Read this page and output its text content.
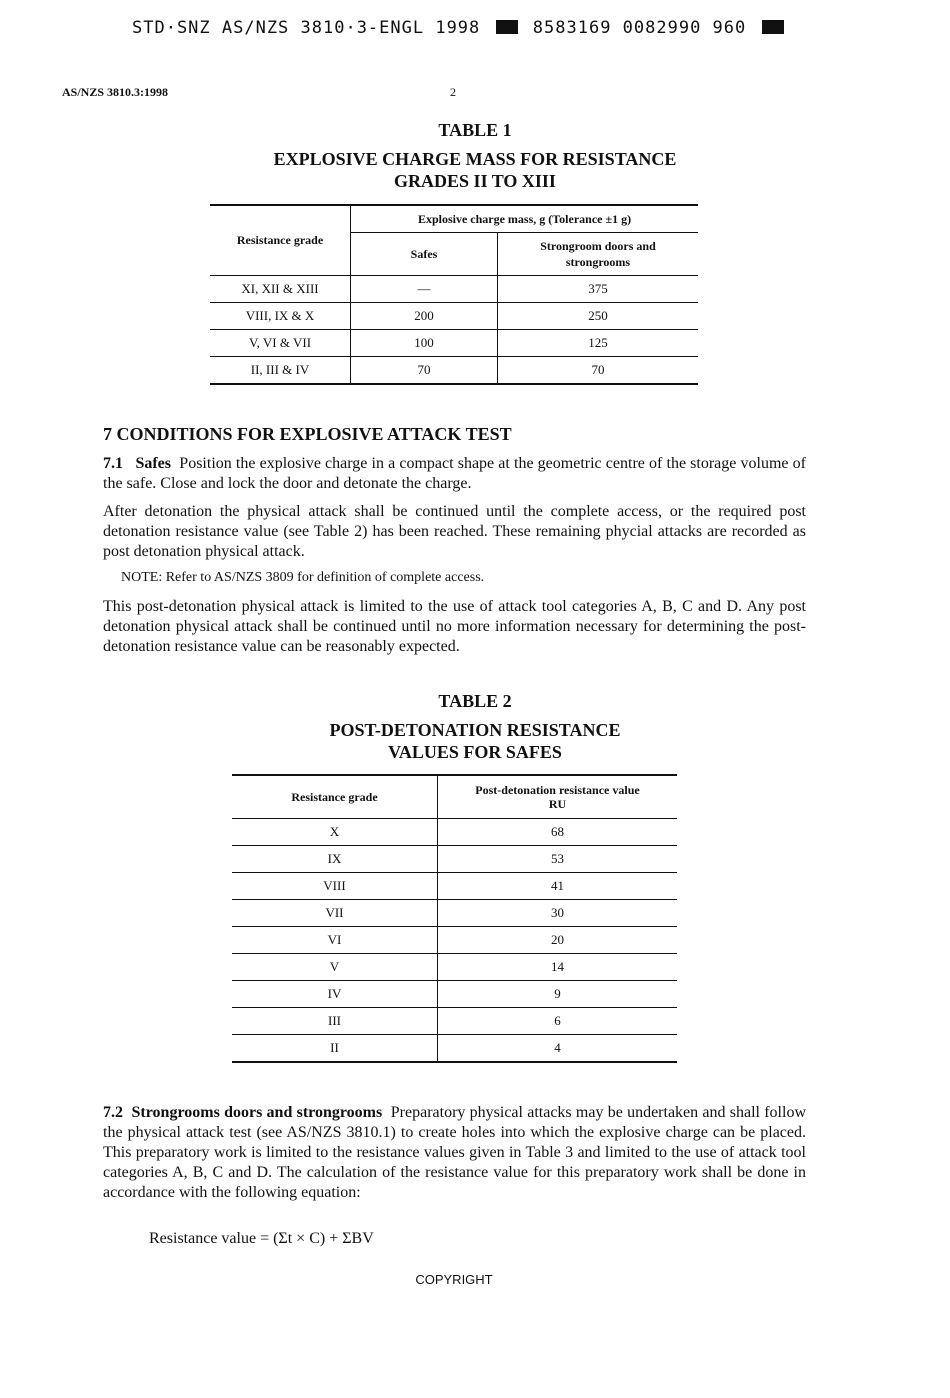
STD·SNZ AS/NZS 3810·3-ENGL 1998	8583169 0082990 960
AS/NZS 3810.3:1998	2
TABLE 1
EXPLOSIVE CHARGE MASS FOR RESISTANCE
GRADES II TO XIII
Resistance grade	Explosive charge mass, g (Tolerance ±1 g)	
	Safes	Strongroom doors and strongrooms
XI, XII & XIII	—	375
VIII, IX & X	200	250
V, VI & VII	100	125
II, III & IV	70	70
7 CONDITIONS FOR EXPLOSIVE ATTACK TEST
7.1 Safes Position the explosive charge in a compact shape at the geometric centre of the storage volume of the safe. Close and lock the door and detonate the charge.
After detonation the physical attack shall be continued until the complete access, or the required post detonation resistance value (see Table 2) has been reached. These remaining phycial attacks are recorded as post detonation physical attack.
NOTE: Refer to AS/NZS 3809 for definition of complete access.
This post-detonation physical attack is limited to the use of attack tool categories A, B, C and D. Any post detonation physical attack shall be continued until no more information necessary for determining the post-detonation resistance value can be reasonably expected.
TABLE 2
POST-DETONATION RESISTANCE
VALUES FOR SAFES
Resistance grade	Post-detonation resistance value
RU

X	68
IX	53
VIII	41
VII	30
VI	20
V	14
IV	9
III	6
II	4
7.2 Strongrooms doors and strongrooms Preparatory physical attacks may be undertaken and shall follow the physical attack test (see AS/NZS 3810.1) to create holes into which the explosive charge can be placed. This preparatory work is limited to the resistance values given in Table 3 and limited to the use of attack tool categories A, B, C and D. The calculation of the resistance value for this preparatory work shall be done in accordance with the following equation:
Resistance value = (Σt × C) + ΣBV
COPYRIGHT
